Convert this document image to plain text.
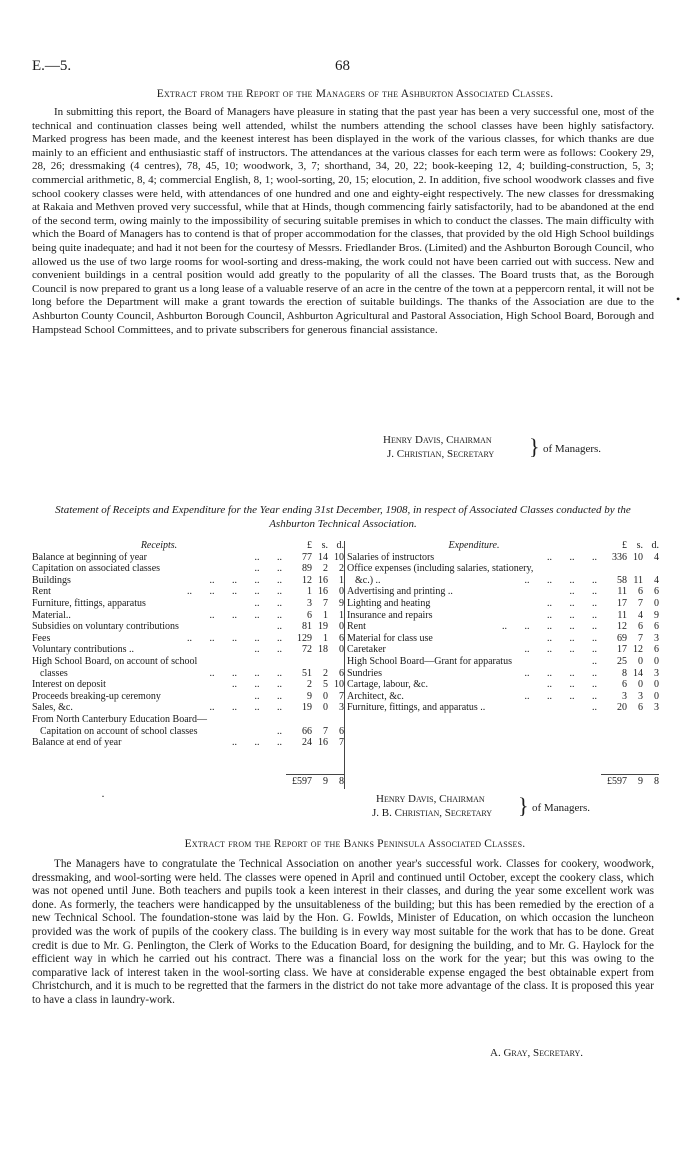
E.—5.	68
Extract from the Report of the Managers of the Ashburton Associated Classes.

In submitting this report, the Board of Managers have pleasure in stating that the past year has been a very successful one, most of the technical and continuation classes being well attended, whilst the numbers attending the school classes have been highly satisfactory. Marked progress has been made, and the keenest interest has been displayed in the work of the various classes, for which thanks are due mainly to an efficient and enthusiastic staff of instructors. The attendances at the various classes for each term were as follows: Cookery 29, 28, 26; dressmaking (4 centres), 78, 45, 10; woodwork, 3, 7; shorthand, 34, 20, 22; book-keeping 12, 4; building-construction, 5, 3; commercial arithmetic, 8, 4; commercial English, 8, 1; wool-sorting, 20, 15; elocution, 2. In addition, five school woodwork classes and five school cookery classes were held, with attendances of one hundred and one and eighty-eight respectively. The new classes for dressmaking at Rakaia and Methven proved very successful, while that at Hinds, though commencing fairly satisfactorily, had to be abandoned at the end of the second term, owing mainly to the impossibility of securing suitable premises in which to conduct the classes. The main difficulty with which the Board of Managers has to contend is that of proper accommodation for the classes, that provided by the old High School buildings being quite inadequate; and had it not been for the courtesy of Messrs. Friedlander Bros. (Limited) and the Ashburton Borough Council, who allowed us the use of two large rooms for wool-sorting and dress-making, the work could not have been carried out with success. New and convenient buildings in a central position would add greatly to the popularity of all the classes. The Board trusts that, as the Borough Council is now prepared to grant us a long lease of a valuable reserve of an acre in the centre of the town at a peppercorn rental, it will not be long before the Department will make a grant towards the erection of suitable buildings. The thanks of the Association are due to the Ashburton County Council, Ashburton Borough Council, Ashburton Agricultural and Pastoral Association, High School Board, Borough and Hampstead School Committees, and to private subscribers for generous financial assistance.

Henry Davis, Chairman
J. Christian, Secretary	} of Managers.
Statement of Receipts and Expenditure for the Year ending 31st December, 1908, in respect of Associated Classes conducted by the Ashburton Technical Association.
Receipts.	£ s. d.
Balance at beginning of year	..       ..	77 14 10
Capitation on associated classes	..       ..	89	2	2
Buildings	..       ..       ..       ..	12 16	1
Rent	..       ..       ..       ..       ..	1 16	0
Furniture, fittings, apparatus	..       ..	3	7	9
Material..	..       ..       ..       ..	6	1	1
Subsidies on voluntary contributions	..	81 19	0
Fees	..       ..       ..       ..       ..	129	1	6
Voluntary contributions ..	..       ..	72 18	0
High School Board, on account of school
classes	..       ..       ..       ..	51	2	6
Interest on deposit	..       ..       ..	2	5 10
Proceeds breaking-up ceremony	..       ..	9	0	7
Sales, &c.	..       ..       ..       ..	19	0	3
From North Canterbury Education Board—
Capitation on account of school classes	..	66	7	6
Balance at end of year	..       ..       ..	24 16	7
Expenditure.	£ s. d.
Salaries of instructors	..       ..       ..	336 10	4
Office expenses (including salaries, stationery,
&c.) ..	..       ..       ..       ..	58 11	4
Advertising and printing ..	..       ..	11	6	6
Lighting and heating	..       ..       ..	17	7	0
Insurance and repairs	..       ..       ..	11	4	9
Rent	..       ..       ..       ..       ..	12	6	6
Material for class use	..       ..       ..	69	7	3
Caretaker	..       ..       ..       ..	17 12	6
High School Board—Grant for apparatus	..	25	0	0
Sundries	..       ..       ..       ..	8 14	3
Cartage, labour, &c.	..       ..       ..	6	0	0
Architect, &c.	..       ..       ..       ..	3	3	0
Furniture, fittings, and apparatus ..	..	20	6	3
£597	9	8	£597	9	8
·
•
Henry Davis, Chairman
J. B. Christian, Secretary	} of Managers.
Extract from the Report of the Banks Peninsula Associated Classes.

The Managers have to congratulate the Technical Association on another year's successful work. Classes for cookery, woodwork, dressmaking, and wool-sorting were held. The classes were opened in April and continued until October, except the cookery class, which was not opened until June. Both teachers and pupils took a keen interest in their classes, and during the year some excellent work was done. As formerly, the teachers were handicapped by the unsuitableness of the building; but this has been remedied by the erection of a new Technical School. The foundation-stone was laid by the Hon. G. Fowlds, Minister of Education, on which occasion the luncheon provided was the work of pupils of the cookery class. The building is in every way most suitable for the work that has to be done. Great credit is due to Mr. G. Penlington, the Clerk of Works to the Education Board, for designing the building, and to Mr. G. Haylock for the efficient way in which he carried out his contract. There was a financial loss on the work for the year; but this was owing to the comparative lack of interest taken in the wool-sorting class. We have at considerable expense engaged the best obtainable expert from Christchurch, and it is much to be regretted that the farmers in the district do not take more advantage of the class. It is proposed this year to have a class in laundry-work.

A. Gray, Secretary.
